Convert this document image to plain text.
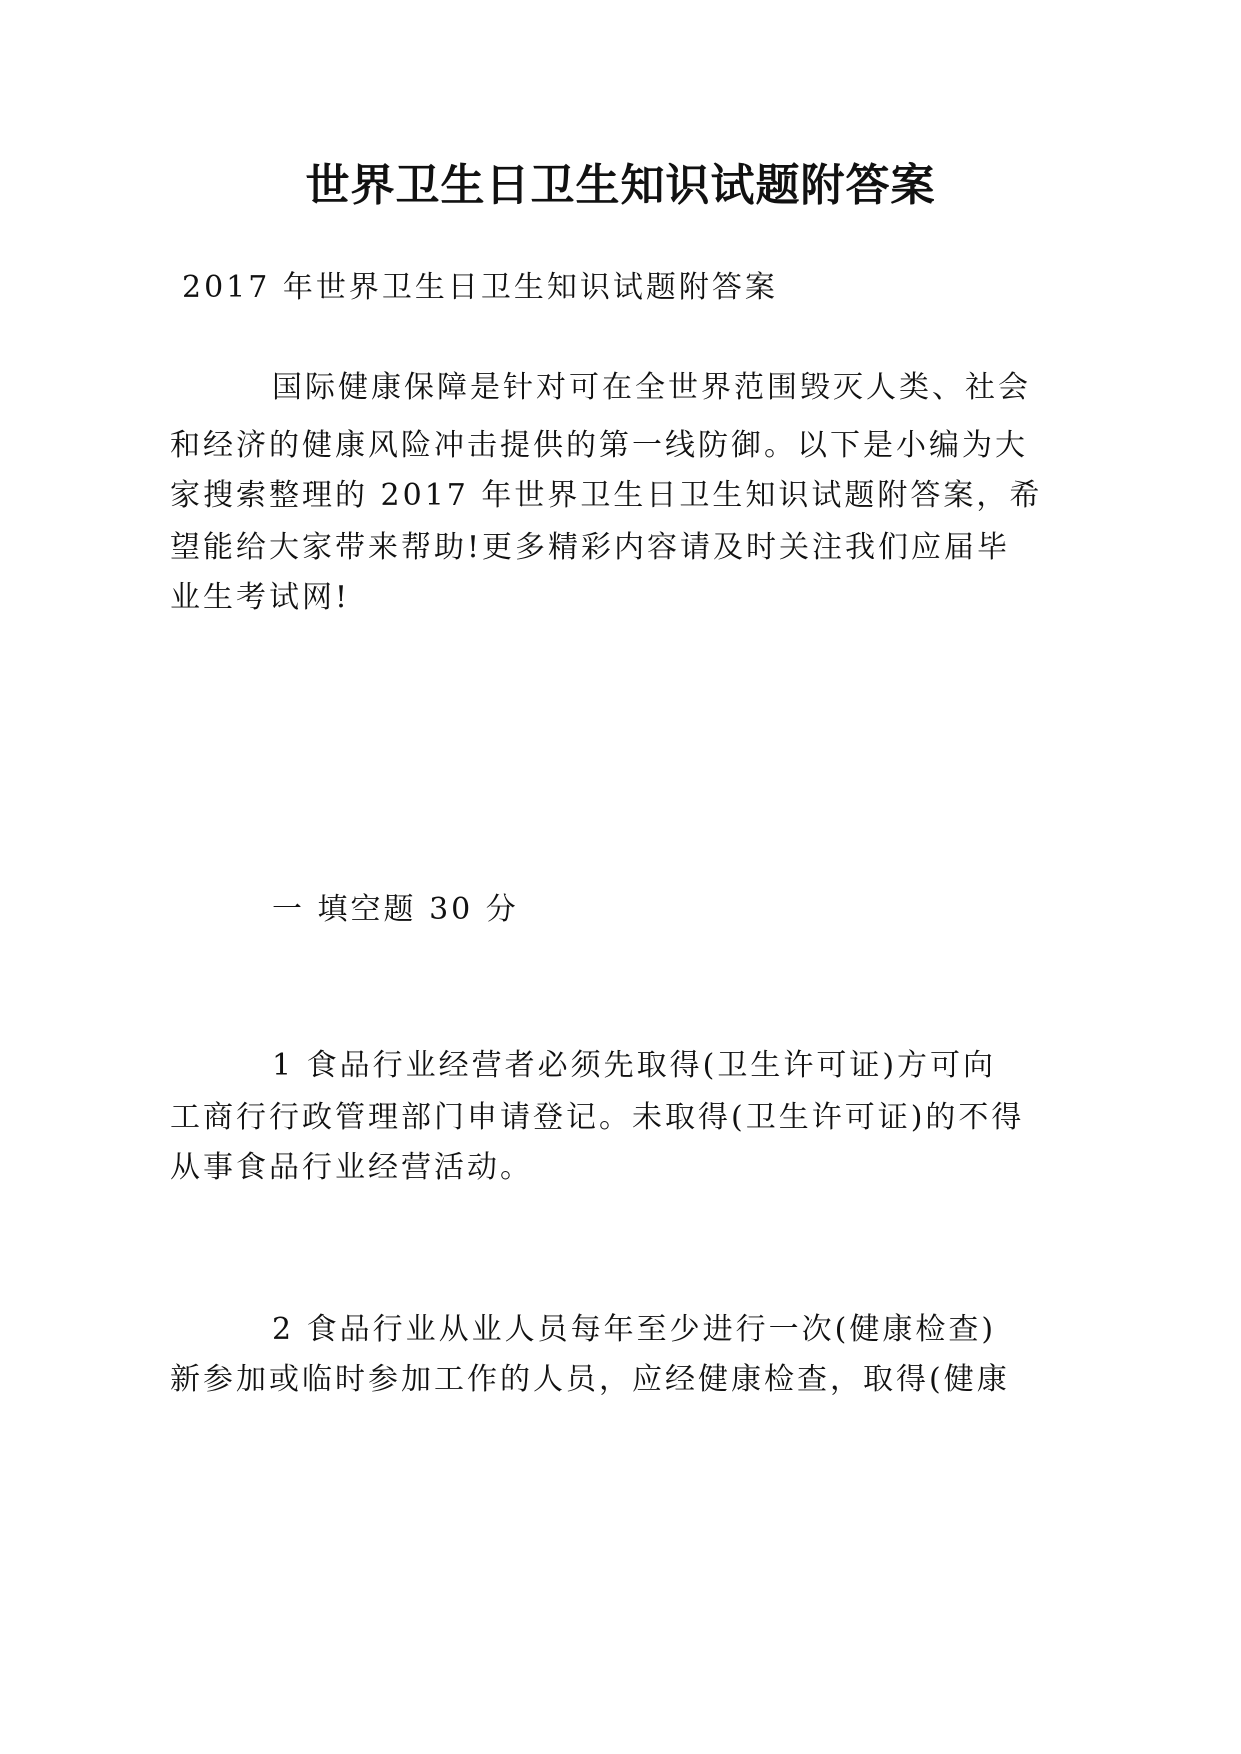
世界卫生日卫生知识试题附答案

2017 年世界卫生日卫生知识试题附答案

国际健康保障是针对可在全世界范围毁灭人类、社会

和经济的健康风险冲击提供的第一线防御。以下是小编为大

家搜索整理的 2017 年世界卫生日卫生知识试题附答案，希

望能给大家带来帮助!更多精彩内容请及时关注我们应届毕

业生考试网!

一 填空题 30 分

1 食品行业经营者必须先取得(卫生许可证)方可向

工商行行政管理部门申请登记。未取得(卫生许可证)的不得

从事食品行业经营活动。

2 食品行业从业人员每年至少进行一次(健康检查)

新参加或临时参加工作的人员，应经健康检查，取得(健康
